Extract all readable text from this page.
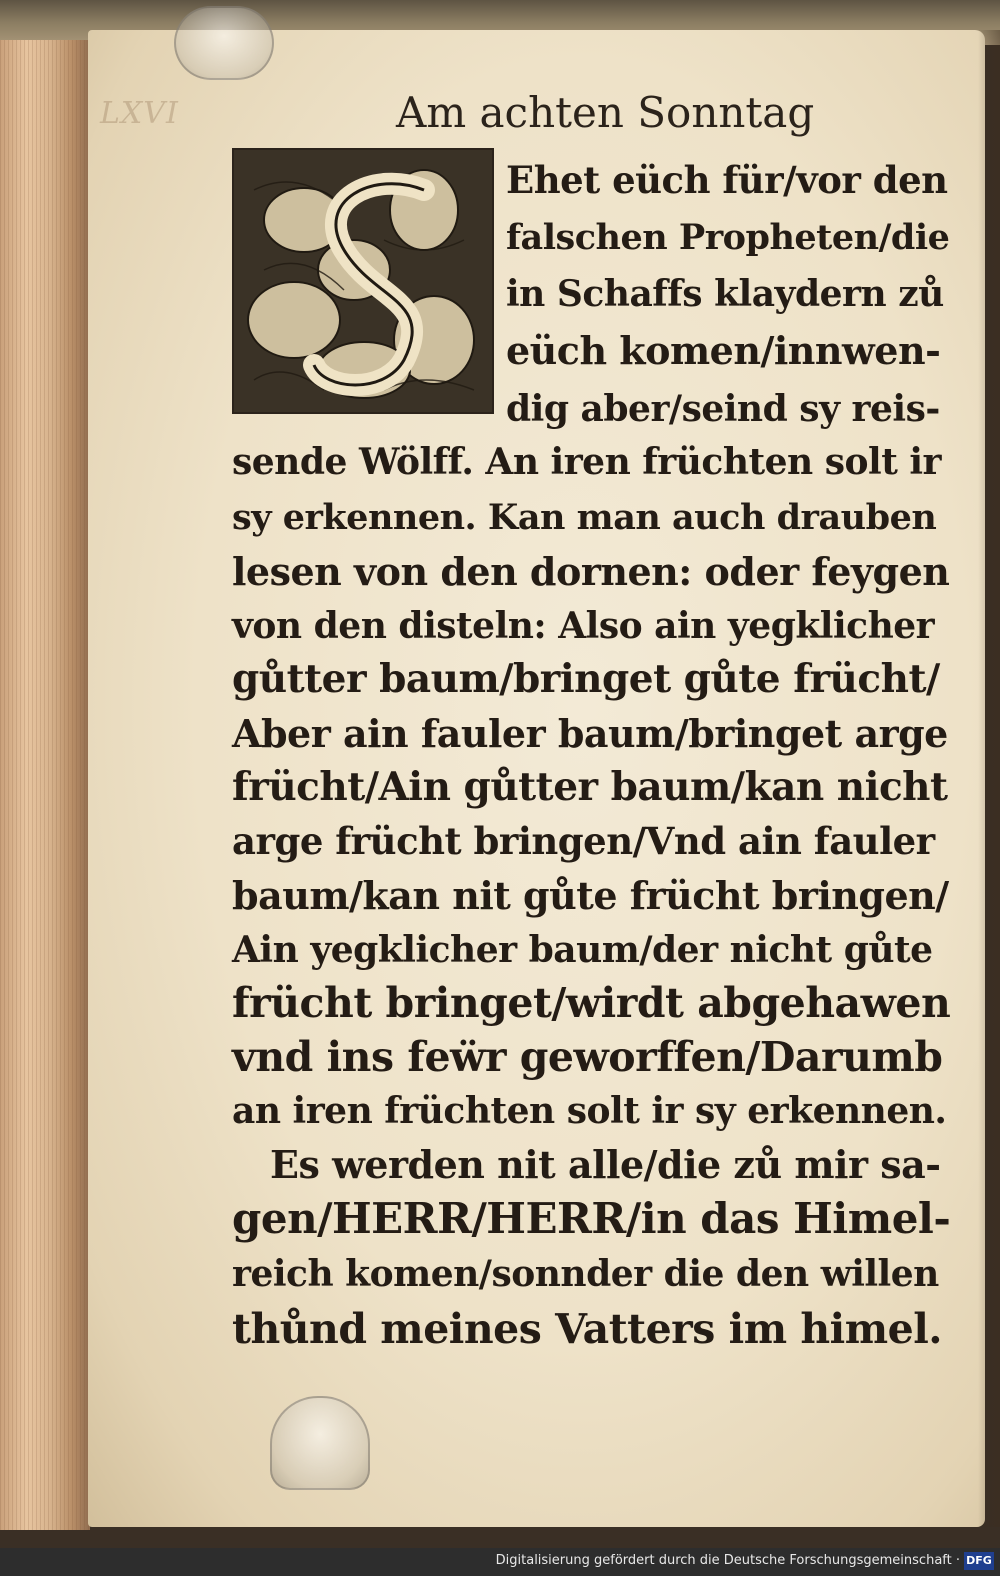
LXVI	Am achten Sonntag
Ehet eüch für/vor den
falschen Propheten/die
in Schaffs klaydern zů
eüch komen/innwen-
dig aber/seind sy reis-
sende Wölff. An iren früchten solt ir
sy erkennen. Kan man auch drauben
lesen von den dornen: oder feygen
von den disteln: Also ain yegklicher
gůtter baum/bringet gůte frücht/
Aber ain fauler baum/bringet arge
frücht/Ain gůtter baum/kan nicht
arge frücht bringen/Vnd ain fauler
baum/kan nit gůte frücht bringen/
Ain yegklicher baum/der nicht gůte
frücht bringet/wirdt abgehawen
vnd ins feẅr geworffen/Darumb
an iren früchten solt ir sy erkennen.
Es werden nit alle/die zů mir sa-
gen/HERR/HERR/in das Himel-
reich komen/sonnder die den willen
thůnd meines Vatters im himel.
Digitalisierung gefördert durch die Deutsche Forschungsgemeinschaft · DFG
